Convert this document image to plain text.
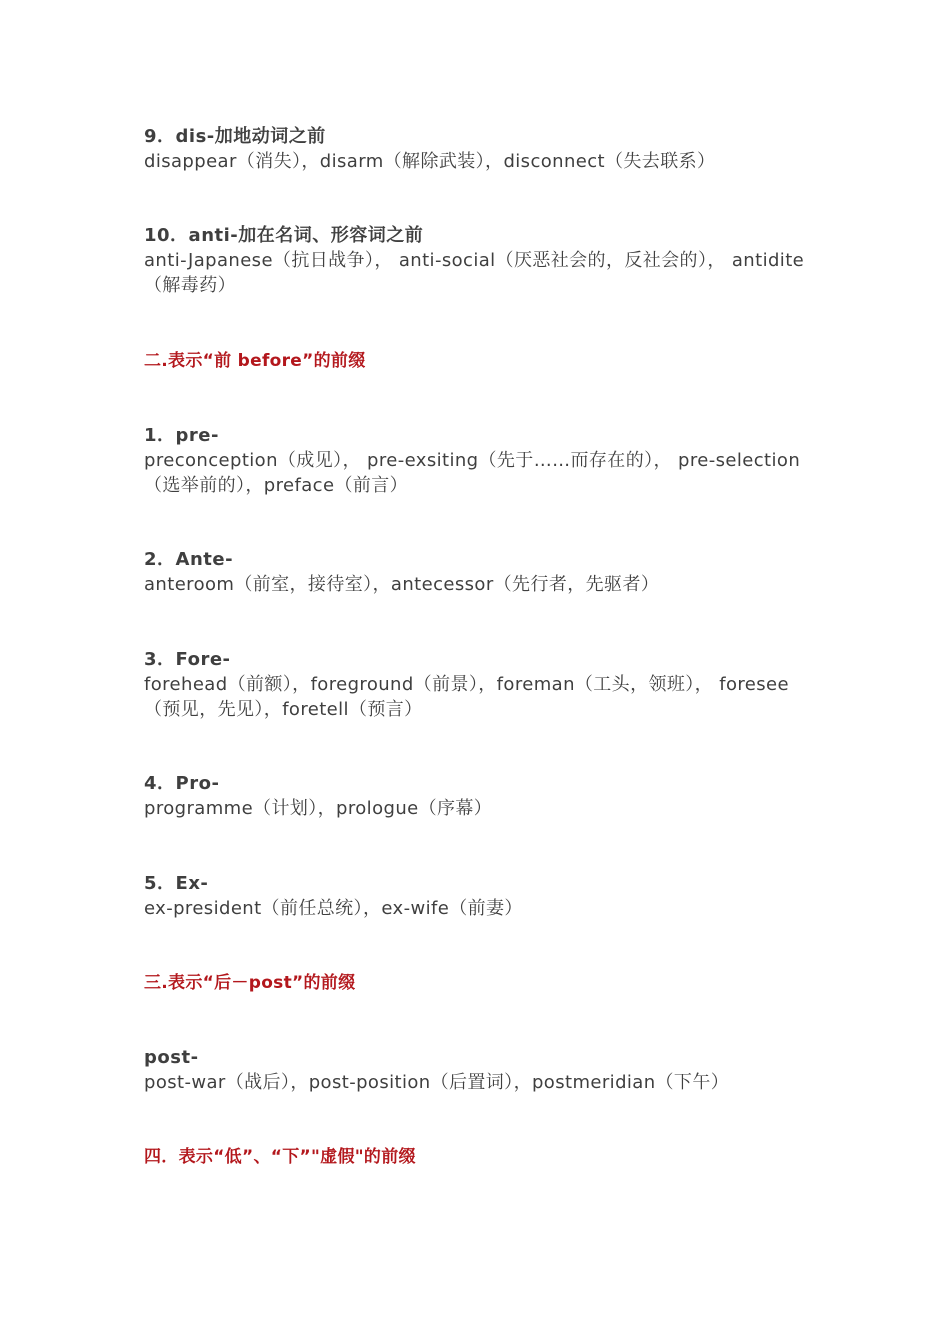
9．dis-加地动词之前
disappear（消失），disarm（解除武装），disconnect（失去联系）
10．anti-加在名词、形容词之前
anti-Japanese（抗日战争）， anti-social（厌恶社会的，反社会的）， antidite（解毒药）
二.表示“前 before”的前缀
1．pre-
preconception（成见）， pre-exsiting（先于……而存在的）， pre-selection（选举前的），preface（前言）
2．Ante-
anteroom（前室，接待室），antecessor（先行者，先驱者）
3．Fore-
forehead（前额），foreground（前景），foreman（工头，领班）， foresee（预见，先见），foretell（预言）
4．Pro-
programme（计划），prologue（序幕）
5．Ex-
ex-president（前任总统），ex-wife（前妻）
三.表示“后－post”的前缀
post-
post-war（战后），post-position（后置词），postmeridian（下午）
四．表示“低”、“下”"虚假"的前缀
